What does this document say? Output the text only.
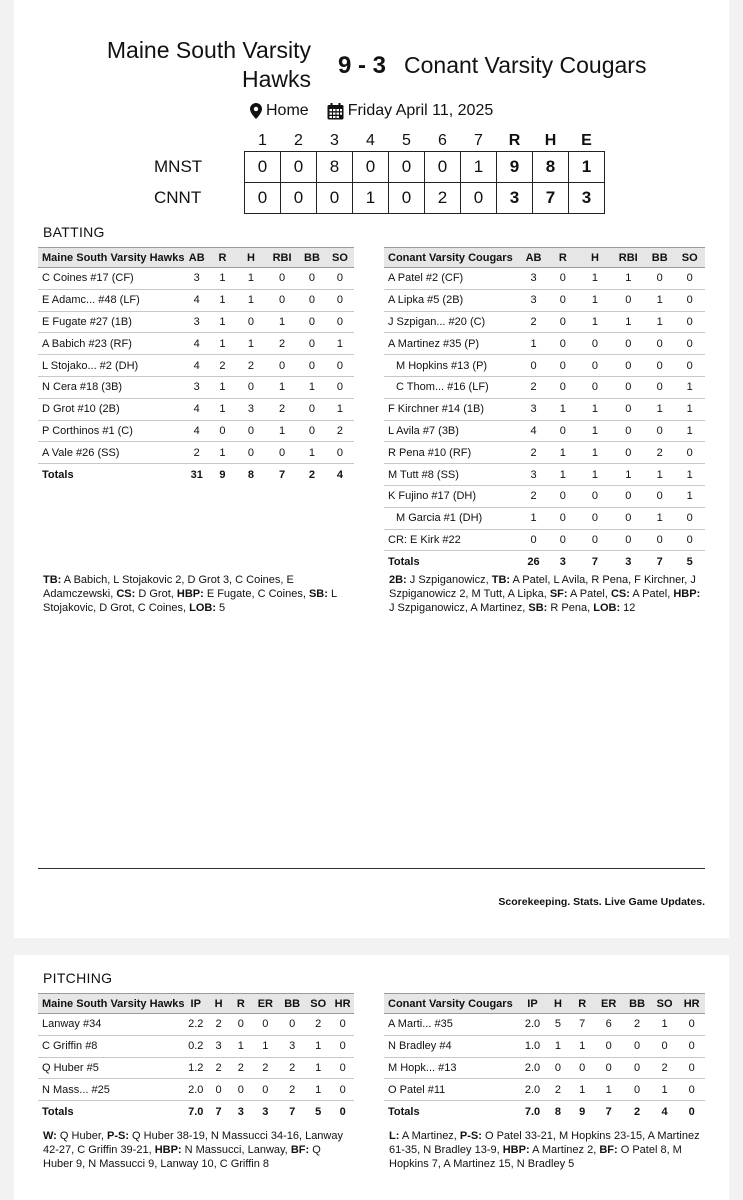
Maine South Varsity Hawks	9 - 3 Conant Varsity Cougars
Home Friday April 11, 2025
	1	2	3	4	5	6	7	R	H	E
MNST	0	0	8	0	0	0	1	9	8	1
CNNT	0	0	0	1	0	2	0	3	7	3
BATTING
Maine South Varsity Hawks	AB	R	H	RBI	BB	SO
C Coines #17 (CF)	3	1	1	0	0	0
E Adamc... #48 (LF)	4	1	1	0	0	0
E Fugate #27 (1B)	3	1	0	1	0	0
A Babich #23 (RF)	4	1	1	2	0	1
L Stojako... #2 (DH)	4	2	2	0	0	0
N Cera #18 (3B)	3	1	0	1	1	0
D Grot #10 (2B)	4	1	3	2	0	1
P Corthinos #1 (C)	4	0	0	1	0	2
A Vale #26 (SS)	2	1	0	0	1	0
Totals	31	9	8	7	2	4
Conant Varsity Cougars	AB	R	H	RBI	BB	SO
A Patel #2 (CF)	3	0	1	1	0	0
A Lipka #5 (2B)	3	0	1	0	1	0
J Szpigan... #20 (C)	2	0	1	1	1	0
A Martinez #35 (P)	1	0	0	0	0	0
M Hopkins #13 (P)	0	0	0	0	0	0
C Thom... #16 (LF)	2	0	0	0	0	1
F Kirchner #14 (1B)	3	1	1	0	1	1
L Avila #7 (3B)	4	0	1	0	0	1
R Pena #10 (RF)	2	1	1	0	2	0
M Tutt #8 (SS)	3	1	1	1	1	1
K Fujino #17 (DH)	2	0	0	0	0	1
M Garcia #1 (DH)	1	0	0	0	1	0
CR: E Kirk #22	0	0	0	0	0	0
Totals	26	3	7	3	7	5
TB: A Babich, L Stojakovic 2, D Grot 3, C Coines, E Adamczewski, CS: D Grot, HBP: E Fugate, C Coines, SB: L Stojakovic, D Grot, C Coines, LOB: 5
2B: J Szpiganowicz, TB: A Patel, L Avila, R Pena, F Kirchner, J Szpiganowicz 2, M Tutt, A Lipka, SF: A Patel, CS: A Patel, HBP: J Szpiganowicz, A Martinez, SB: R Pena, LOB: 12
Scorekeeping. Stats. Live Game Updates.
PITCHING
Maine South Varsity Hawks	IP	H	R	ER	BB	SO	HR
Lanway #34	2.2	2	0	0	0	2	0
C Griffin #8	0.2	3	1	1	3	1	0
Q Huber #5	1.2	2	2	2	2	1	0
N Mass... #25	2.0	0	0	0	2	1	0
Totals	7.0	7	3	3	7	5	0
Conant Varsity Cougars	IP	H	R	ER	BB	SO	HR
A Marti... #35	2.0	5	7	6	2	1	0
N Bradley #4	1.0	1	1	0	0	0	0
M Hopk... #13	2.0	0	0	0	0	2	0
O Patel #11	2.0	2	1	1	0	1	0
Totals	7.0	8	9	7	2	4	0
W: Q Huber, P-S: Q Huber 38-19, N Massucci 34-16, Lanway 42-27, C Griffin 39-21, HBP: N Massucci, Lanway, BF: Q Huber 9, N Massucci 9, Lanway 10, C Griffin 8
L: A Martinez, P-S: O Patel 33-21, M Hopkins 23-15, A Martinez 61-35, N Bradley 13-9, HBP: A Martinez 2, BF: O Patel 8, M Hopkins 7, A Martinez 15, N Bradley 5
